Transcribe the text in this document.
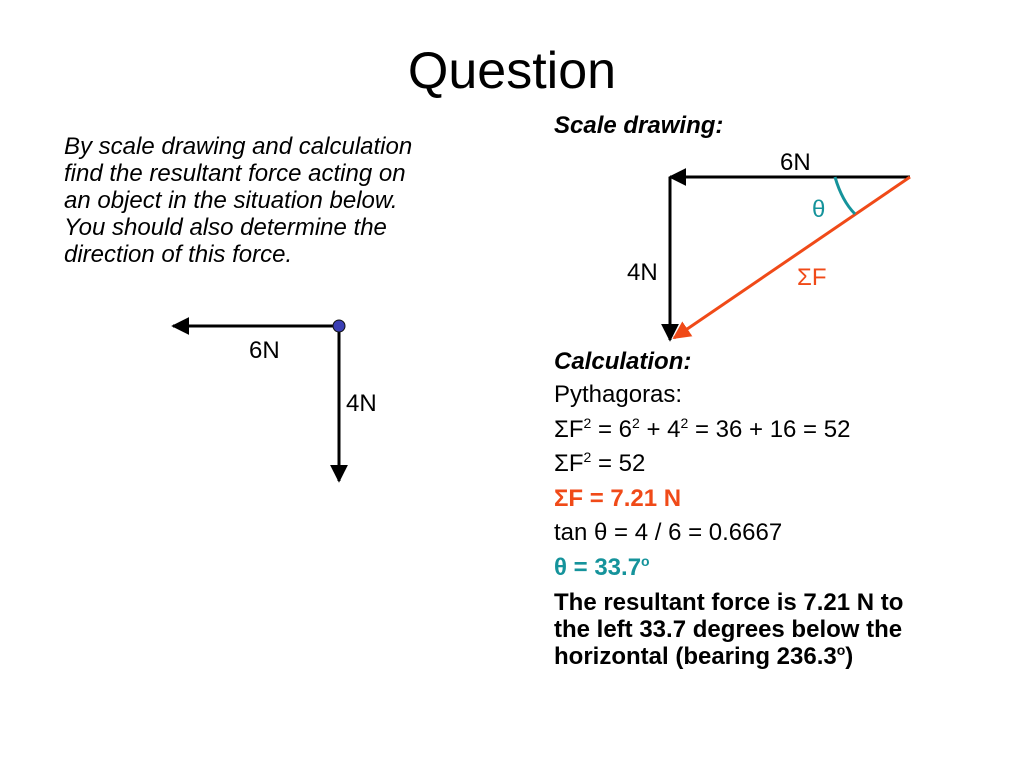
Question
By scale drawing and calculation
find the resultant force acting on
an object in the situation below.
You should also determine the
direction of this force.
6N
4N
Scale drawing:
6N
4N
θ
ΣF
Calculation:
Pythagoras:
$\Sigma F^2 = 6^2 + 4^2 = 36 + 16 = 52$
$\Sigma F^2 = 52$
ΣF = 7.21 N
tan θ = 4 / 6 = 0.6667
$\theta = 33.7^o$
The resultant force is 7.21 N to
the left 33.7 degrees below the
horizontal (bearing 236.3$^o$)
